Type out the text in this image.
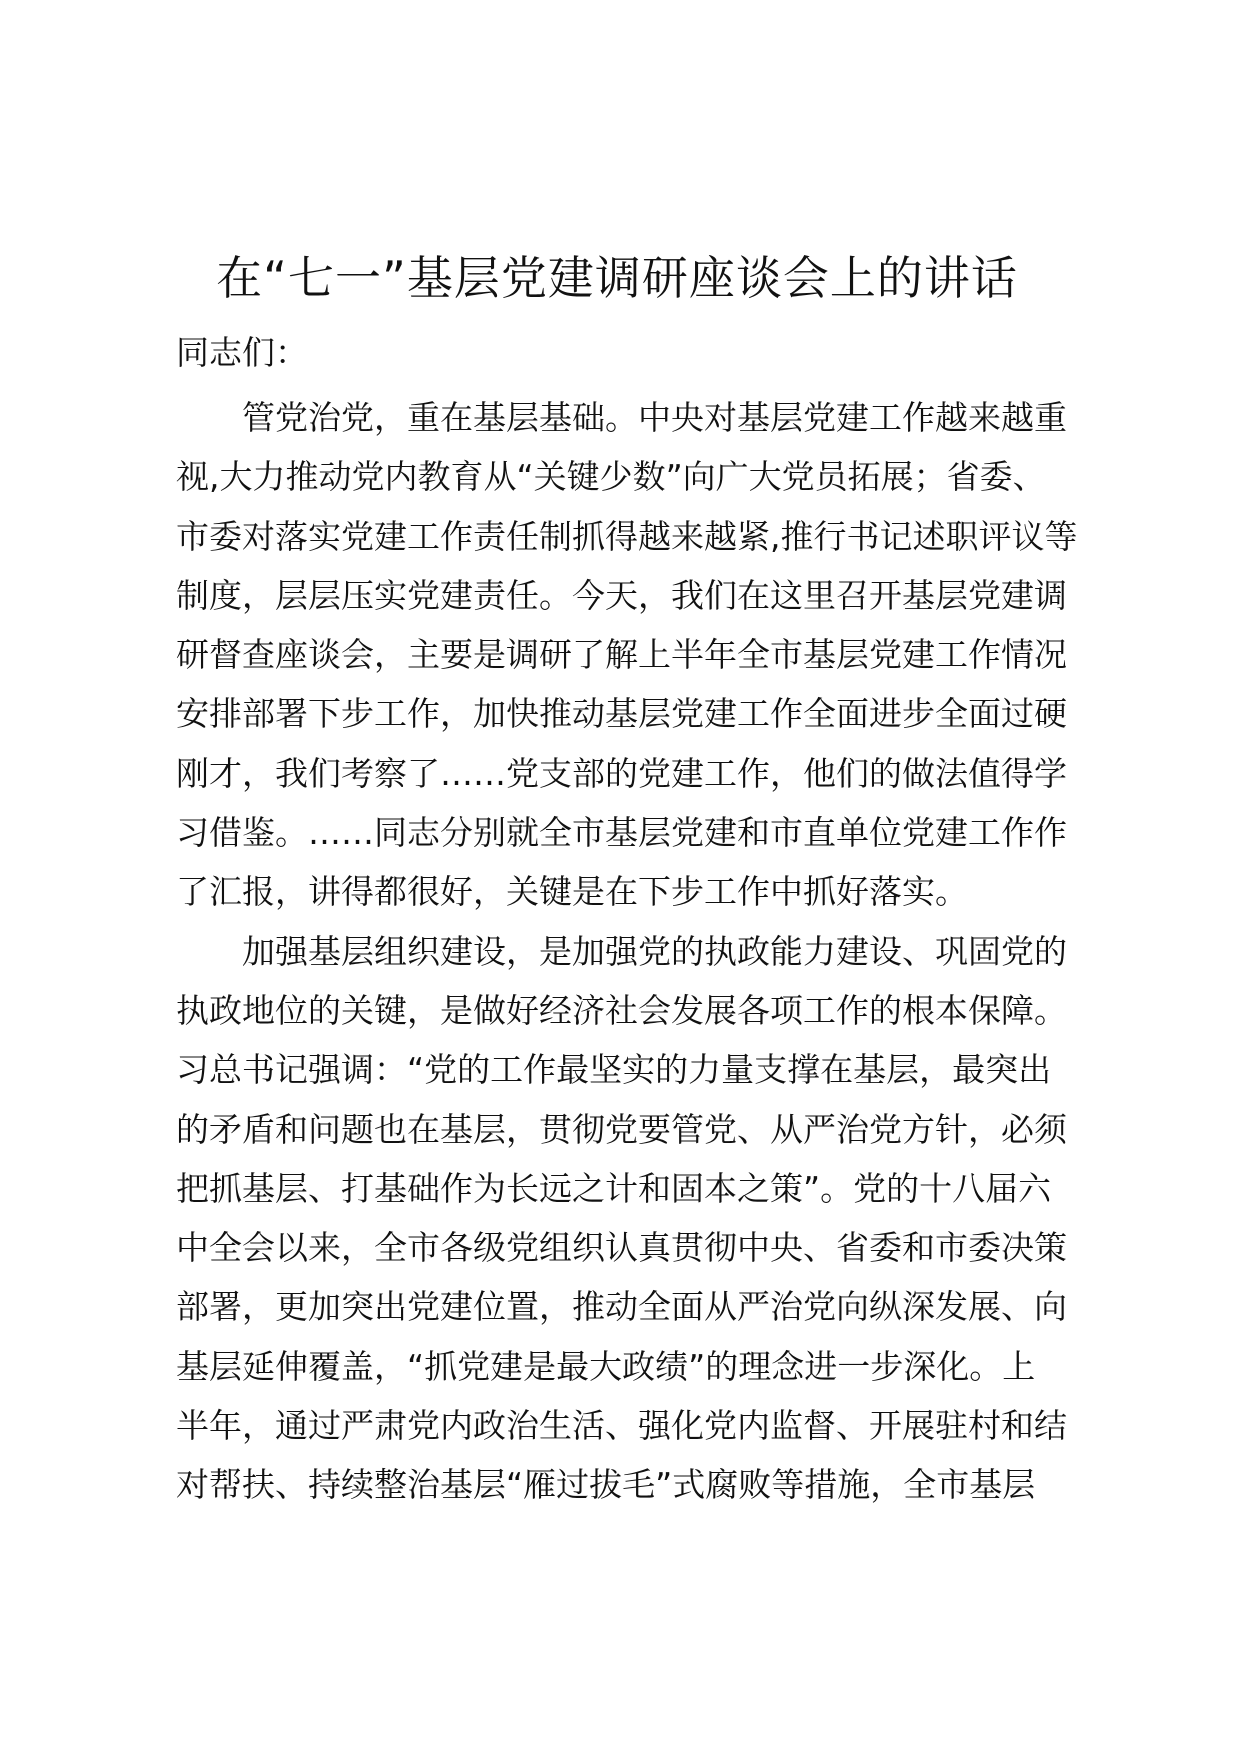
在“七一”基层党建调研座谈会上的讲话
同志们：
管党治党，重在基层基础。中央对基层党建工作越来越重
视,大力推动党内教育从“关键少数”向广大党员拓展；省委、
市委对落实党建工作责任制抓得越来越紧,推行书记述职评议等
制度，层层压实党建责任。今天，我们在这里召开基层党建调
研督查座谈会，主要是调研了解上半年全市基层党建工作情况
安排部署下步工作，加快推动基层党建工作全面进步全面过硬
刚才，我们考察了……党支部的党建工作，他们的做法值得学
习借鉴。……同志分别就全市基层党建和市直单位党建工作作
了汇报，讲得都很好，关键是在下步工作中抓好落实。
加强基层组织建设，是加强党的执政能力建设、巩固党的
执政地位的关键，是做好经济社会发展各项工作的根本保障。
习总书记强调：“党的工作最坚实的力量支撑在基层，最突出
的矛盾和问题也在基层，贯彻党要管党、从严治党方针，必须
把抓基层、打基础作为长远之计和固本之策”。党的十八届六
中全会以来，全市各级党组织认真贯彻中央、省委和市委决策
部署，更加突出党建位置，推动全面从严治党向纵深发展、向
基层延伸覆盖，“抓党建是最大政绩”的理念进一步深化。上
半年，通过严肃党内政治生活、强化党内监督、开展驻村和结
对帮扶、持续整治基层“雁过拔毛”式腐败等措施，全市基层
